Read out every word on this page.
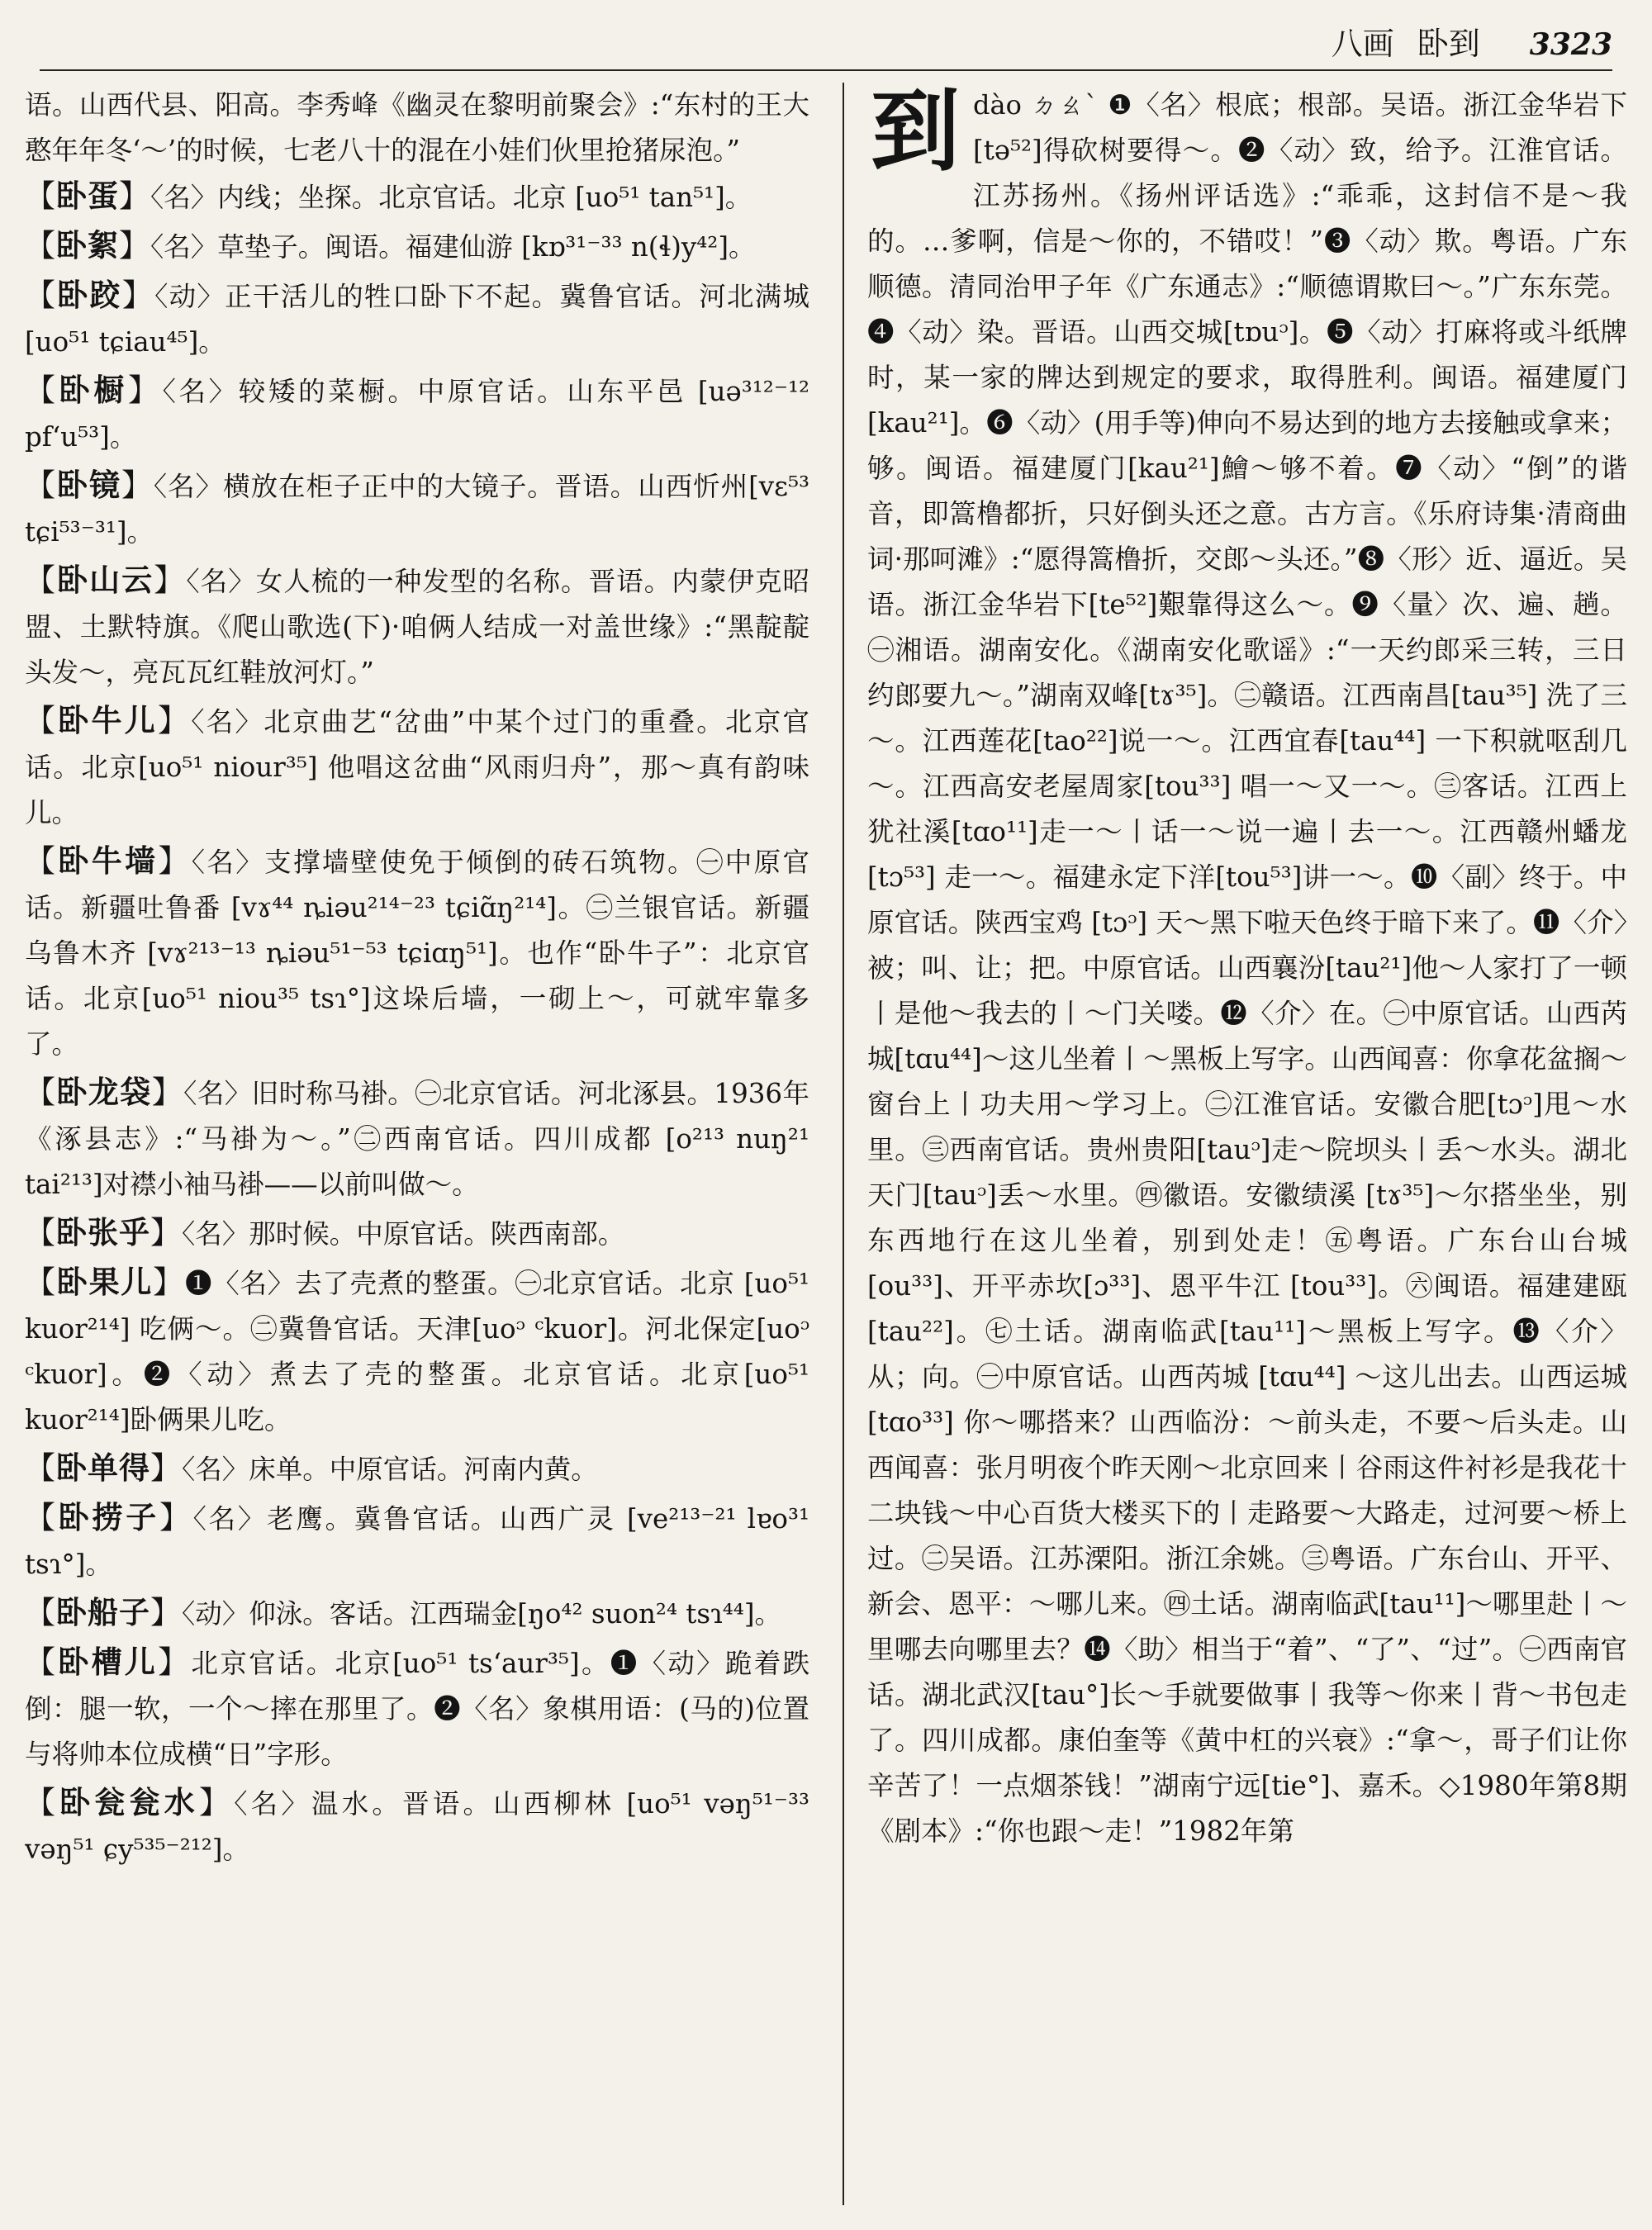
八画 卧到 3323

语。山西代县、阳高。李秀峰《幽灵在黎明前聚会》:“东村的王大憨年年冬‘～’的时候，七老八十的混在小娃们伙里抢猪尿泡。”

【卧蛋】〈名〉内线；坐探。北京官话。北京 [uo⁵¹ tan⁵¹]。

【卧絮】〈名〉草垫子。闽语。福建仙游 [kɒ³¹⁻³³ n(ɬ)y⁴²]。

【卧跤】〈动〉正干活儿的牲口卧下不起。冀鲁官话。河北满城 [uo⁵¹ tɕiau⁴⁵]。

【卧橱】〈名〉较矮的菜橱。中原官话。山东平邑 [uə³¹²⁻¹² pf‘u⁵³]。

【卧镜】〈名〉横放在柜子正中的大镜子。晋语。山西忻州[vɛ⁵³ tɕi⁵³⁻³¹]。

【卧山云】〈名〉女人梳的一种发型的名称。晋语。内蒙伊克昭盟、土默特旗。《爬山歌选(下)·咱俩人结成一对盖世缘》:“黑靛靛头发～，亮瓦瓦红鞋放河灯。”

【卧牛儿】〈名〉北京曲艺“岔曲”中某个过门的重叠。北京官话。北京[uo⁵¹ niour³⁵] 他唱这岔曲“风雨归舟”，那～真有韵味儿。

【卧牛墙】〈名〉支撑墙壁使免于倾倒的砖石筑物。㊀中原官话。新疆吐鲁番 [vɤ⁴⁴ ȵiəu²¹⁴⁻²³ tɕiɑ̃ŋ²¹⁴]。㊁兰银官话。新疆乌鲁木齐 [vɤ²¹³⁻¹³ ȵiəu⁵¹⁻⁵³ tɕiɑŋ⁵¹]。也作“卧牛子”：北京官话。北京[uo⁵¹ niou³⁵ tsɿ°]这垛后墙，一砌上～，可就牢靠多了。

【卧龙袋】〈名〉旧时称马褂。㊀北京官话。河北涿县。1936年《涿县志》:“马褂为～。”㊁西南官话。四川成都 [o²¹³ nuŋ²¹ tai²¹³]对襟小袖马褂——以前叫做～。

【卧张乎】〈名〉那时候。中原官话。陕西南部。

【卧果儿】❶〈名〉去了壳煮的整蛋。㊀北京官话。北京 [uo⁵¹ kuor²¹⁴] 吃俩～。㊁冀鲁官话。天津[uoᵓ ᶜkuor]。河北保定[uoᵓ ᶜkuor]。❷〈动〉煮去了壳的整蛋。北京官话。北京[uo⁵¹ kuor²¹⁴]卧俩果儿吃。

【卧单得】〈名〉床单。中原官话。河南内黄。

【卧捞子】〈名〉老鹰。冀鲁官话。山西广灵 [ve²¹³⁻²¹ lɐo³¹ tsɿ°]。

【卧船子】〈动〉仰泳。客话。江西瑞金[ŋo⁴² suon²⁴ tsɿ⁴⁴]。

【卧槽儿】北京官话。北京[uo⁵¹ ts‘aur³⁵]。❶〈动〉跪着跌倒：腿一软，一个～摔在那里了。❷〈名〉象棋用语：(马的)位置与将帅本位成横“日”字形。

【卧瓮瓮水】〈名〉温水。晋语。山西柳林 [uo⁵¹ vəŋ⁵¹⁻³³ vəŋ⁵¹ ɕy⁵³⁵⁻²¹²]。

到 dào ㄉㄠˋ ❶〈名〉根底；根部。吴语。浙江金华岩下[tə⁵²]得砍树要得～。❷〈动〉致，给予。江淮官话。江苏扬州。《扬州评话选》:“乖乖，这封信不是～我的。…爹啊，信是～你的，不错哎！”❸〈动〉欺。粤语。广东顺德。清同治甲子年《广东通志》:“顺德谓欺曰～。”广东东莞。❹〈动〉染。晋语。山西交城[tɒuᵓ]。❺〈动〉打麻将或斗纸牌时，某一家的牌达到规定的要求，取得胜利。闽语。福建厦门 [kau²¹]。❻〈动〉(用手等)伸向不易达到的地方去接触或拿来；够。闽语。福建厦门[kau²¹]鱠～够不着。❼〈动〉“倒”的谐音，即篙橹都折，只好倒头还之意。古方言。《乐府诗集·清商曲词·那呵滩》:“愿得篙橹折，交郎～头还。”❽〈形〉近、逼近。吴语。浙江金华岩下[te⁵²]艱靠得这么～。❾〈量〉次、遍、趟。㊀湘语。湖南安化。《湖南安化歌谣》:“一天约郎采三转，三日约郎要九～。”湖南双峰[tɤ³⁵]。㊁赣语。江西南昌[tau³⁵] 洗了三～。江西莲花[tao²²]说一～。江西宜春[tau⁴⁴] 一下积就呕刮几～。江西高安老屋周家[tou³³] 唱一～又一～。㊂客话。江西上犹社溪[tɑo¹¹]走一～丨话一～说一遍丨去一～。江西赣州蟠龙 [tɔ⁵³] 走一～。福建永定下洋[tou⁵³]讲一～。❿〈副〉终于。中原官话。陕西宝鸡 [tɔᵓ] 天～黑下啦天色终于暗下来了。⓫〈介〉被；叫、让；把。中原官话。山西襄汾[tau²¹]他～人家打了一顿丨是他～我去的丨～门关喽。⓬〈介〉在。㊀中原官话。山西芮城[tɑu⁴⁴]～这儿坐着丨～黑板上写字。山西闻喜：你拿花盆搁～窗台上丨功夫用～学习上。㊁江淮官话。安徽合肥[tɔᵓ]甩～水里。㊂西南官话。贵州贵阳[tauᵓ]走～院坝头丨丢～水头。湖北天门[tauᵓ]丢～水里。㊃徽语。安徽绩溪 [tɤ³⁵]～尔搭坐坐，别东西地行在这儿坐着，别到处走！㊄粤语。广东台山台城[ou³³]、开平赤坎[ɔ³³]、恩平牛江 [tou³³]。㊅闽语。福建建瓯[tau²²]。㊆土话。湖南临武[tau¹¹]～黑板上写字。⓭〈介〉从；向。㊀中原官话。山西芮城 [tɑu⁴⁴] ～这儿出去。山西运城 [tɑo³³] 你～哪搭来？山西临汾：～前头走，不要～后头走。山西闻喜：张月明夜个昨天刚～北京回来丨谷雨这件衬衫是我花十二块钱～中心百货大楼买下的丨走路要～大路走，过河要～桥上过。㊁吴语。江苏溧阳。浙江余姚。㊂粤语。广东台山、开平、新会、恩平：～哪儿来。㊃土话。湖南临武[tau¹¹]～哪里赴丨～里哪去向哪里去？⓮〈助〉相当于“着”、“了”、“过”。㊀西南官话。湖北武汉[tau°]长～手就要做事丨我等～你来丨背～书包走了。四川成都。康伯奎等《黄中杠的兴衰》:“拿～，哥子们让你辛苦了！一点烟茶钱！”湖南宁远[tie°]、嘉禾。◇1980年第8期《剧本》:“你也跟～走！”1982年第
